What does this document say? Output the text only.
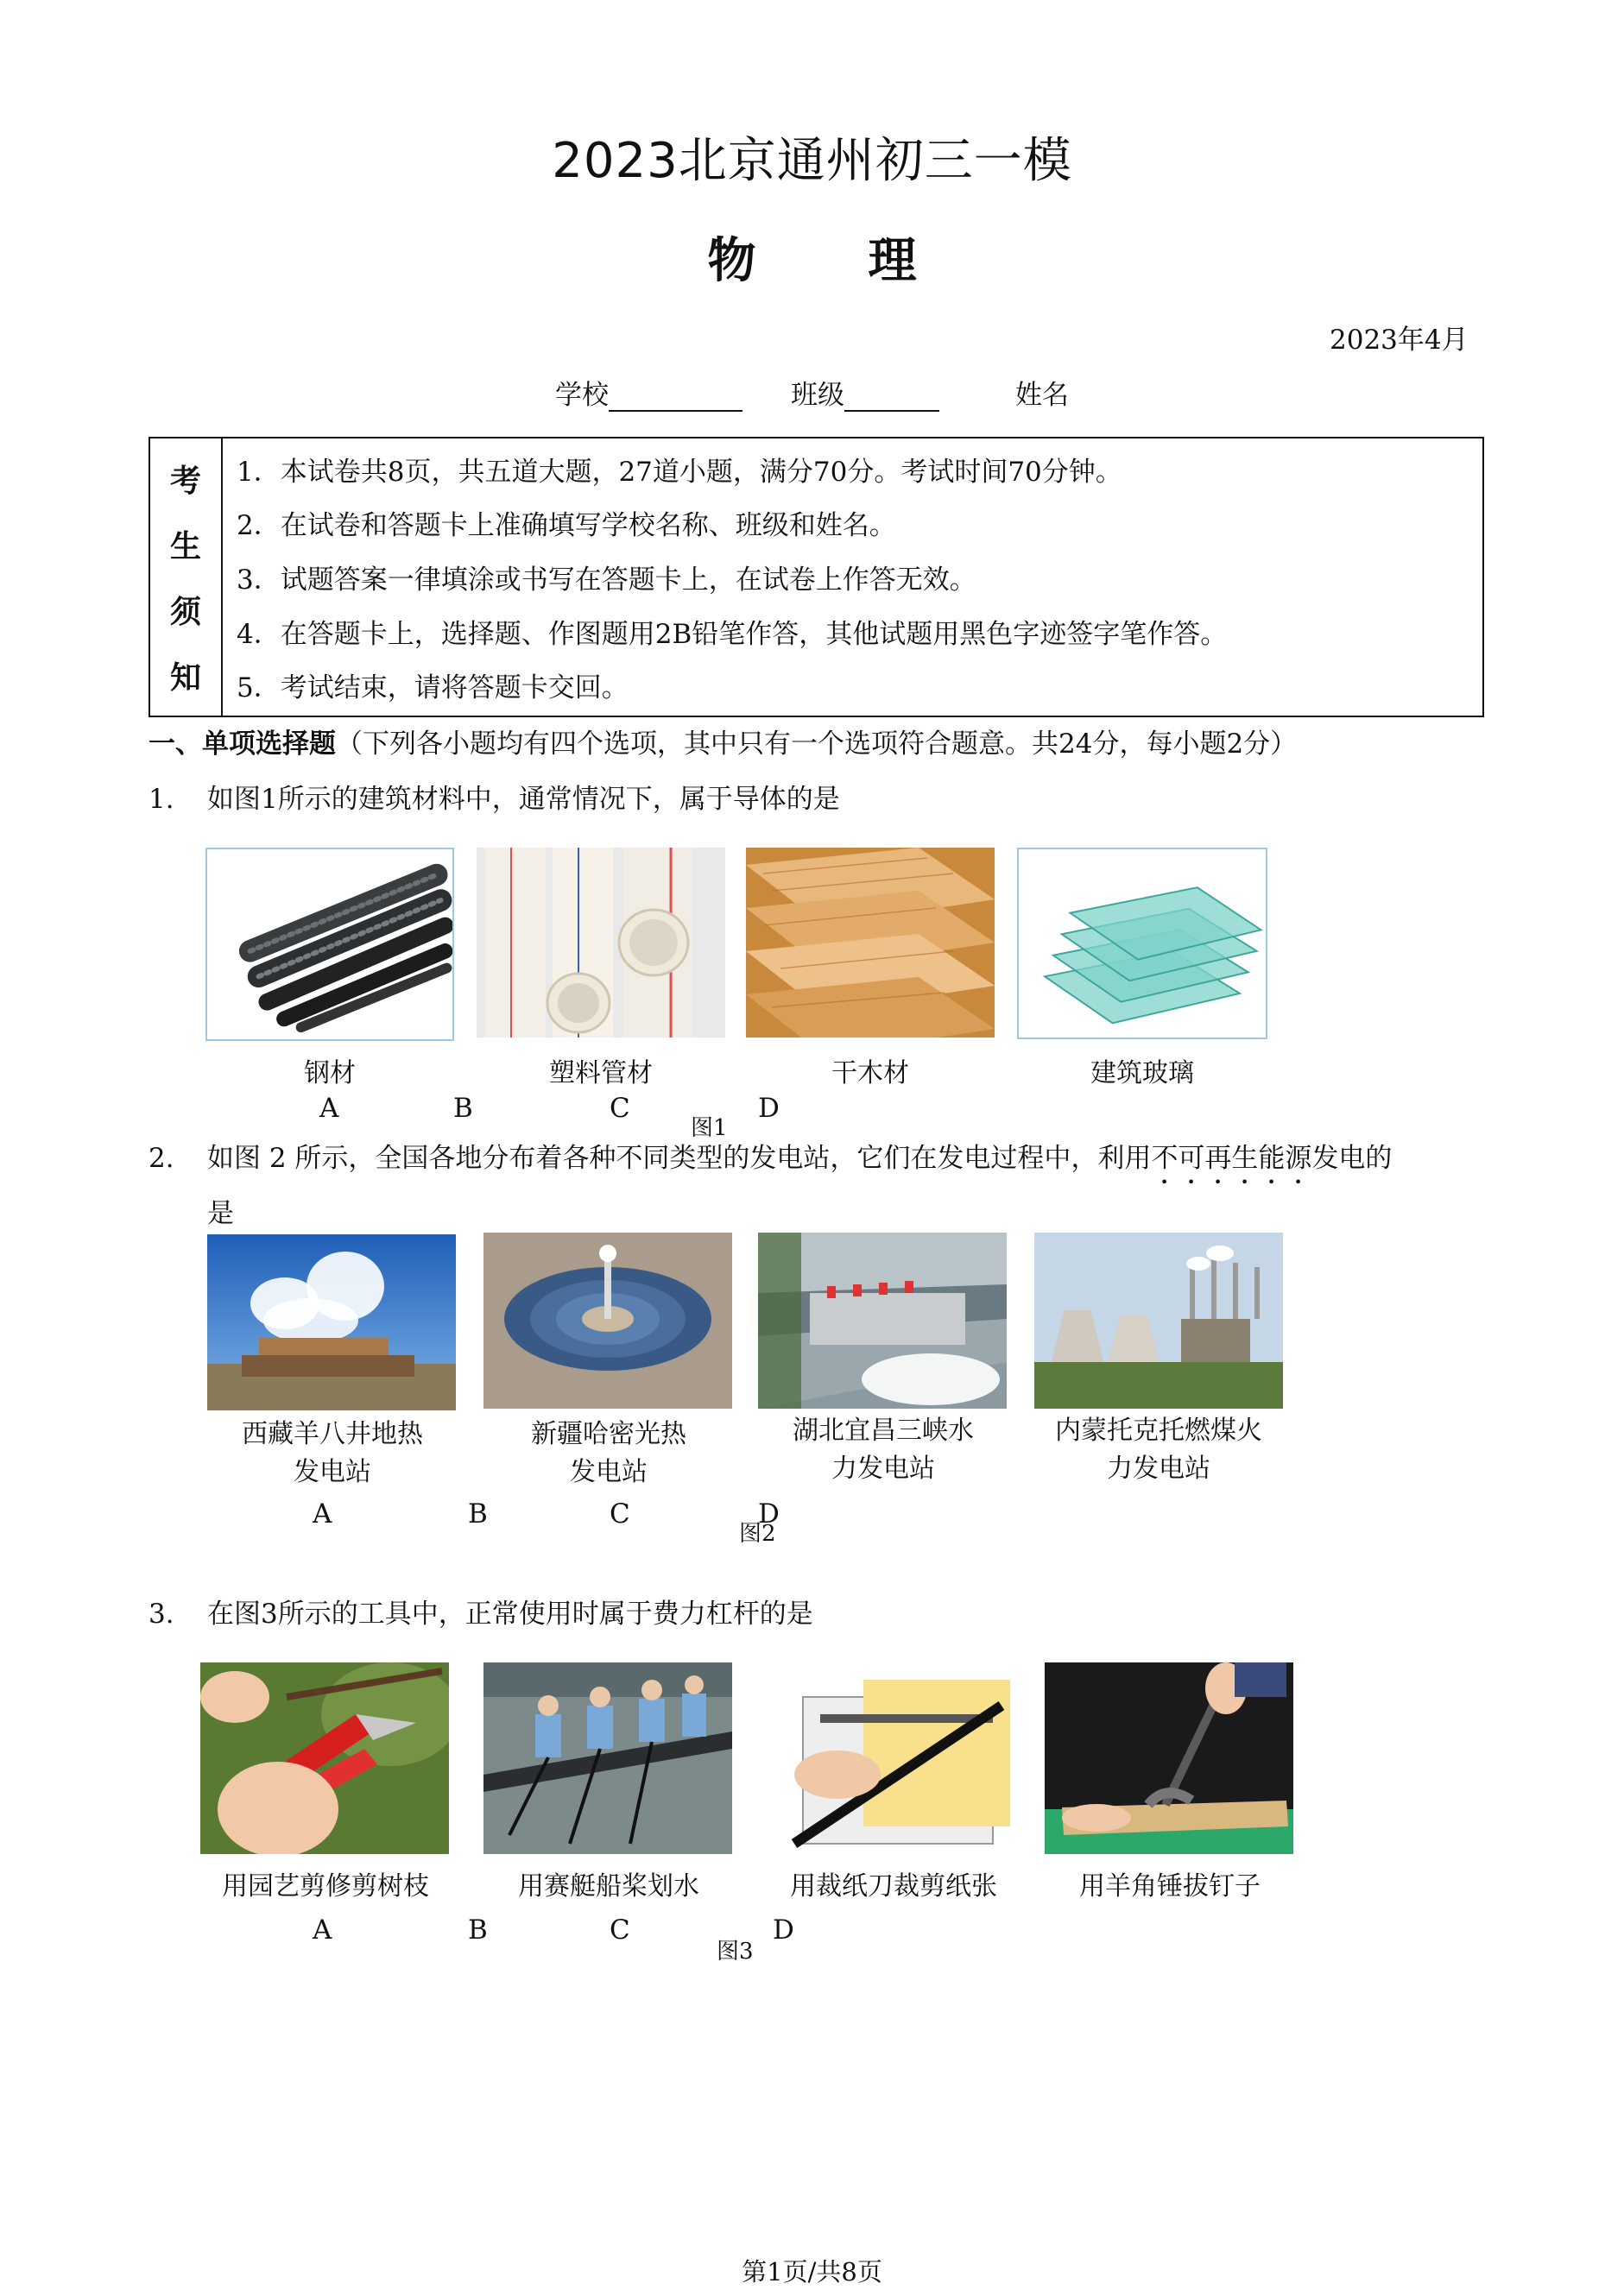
2023北京通州初三一模
物 理
2023年4月
学校	班级	姓名
考
生
须
知
1．本试卷共8页，共五道大题，27道小题，满分70分。考试时间70分钟。
2．在试卷和答题卡上准确填写学校名称、班级和姓名。
3．试题答案一律填涂或书写在答题卡上，在试卷上作答无效。
4．在答题卡上，选择题、作图题用2B铅笔作答，其他试题用黑色字迹签字笔作答。
5．考试结束，请将答题卡交回。
一、单项选择题（下列各小题均有四个选项，其中只有一个选项符合题意。共24分，每小题2分）
1. 如图1所示的建筑材料中，通常情况下，属于导体的是
钢材	塑料管材	干木材	建筑玻璃
A	B	C	D
图1
2. 如图 2 所示，全国各地分布着各种不同类型的发电站，它们在发电过程中，利用不可再生能源发电的
是
西藏羊八井地热
发电站
新疆哈密光热
发电站
湖北宜昌三峡水
力发电站
内蒙托克托燃煤火
力发电站
A	B	C	D
图2
3. 在图3所示的工具中，正常使用时属于费力杠杆的是
用园艺剪修剪树枝	用赛艇船桨划水	用裁纸刀裁剪纸张	用羊角锤拔钉子
A	B	C	D
图3
第1页/共8页
